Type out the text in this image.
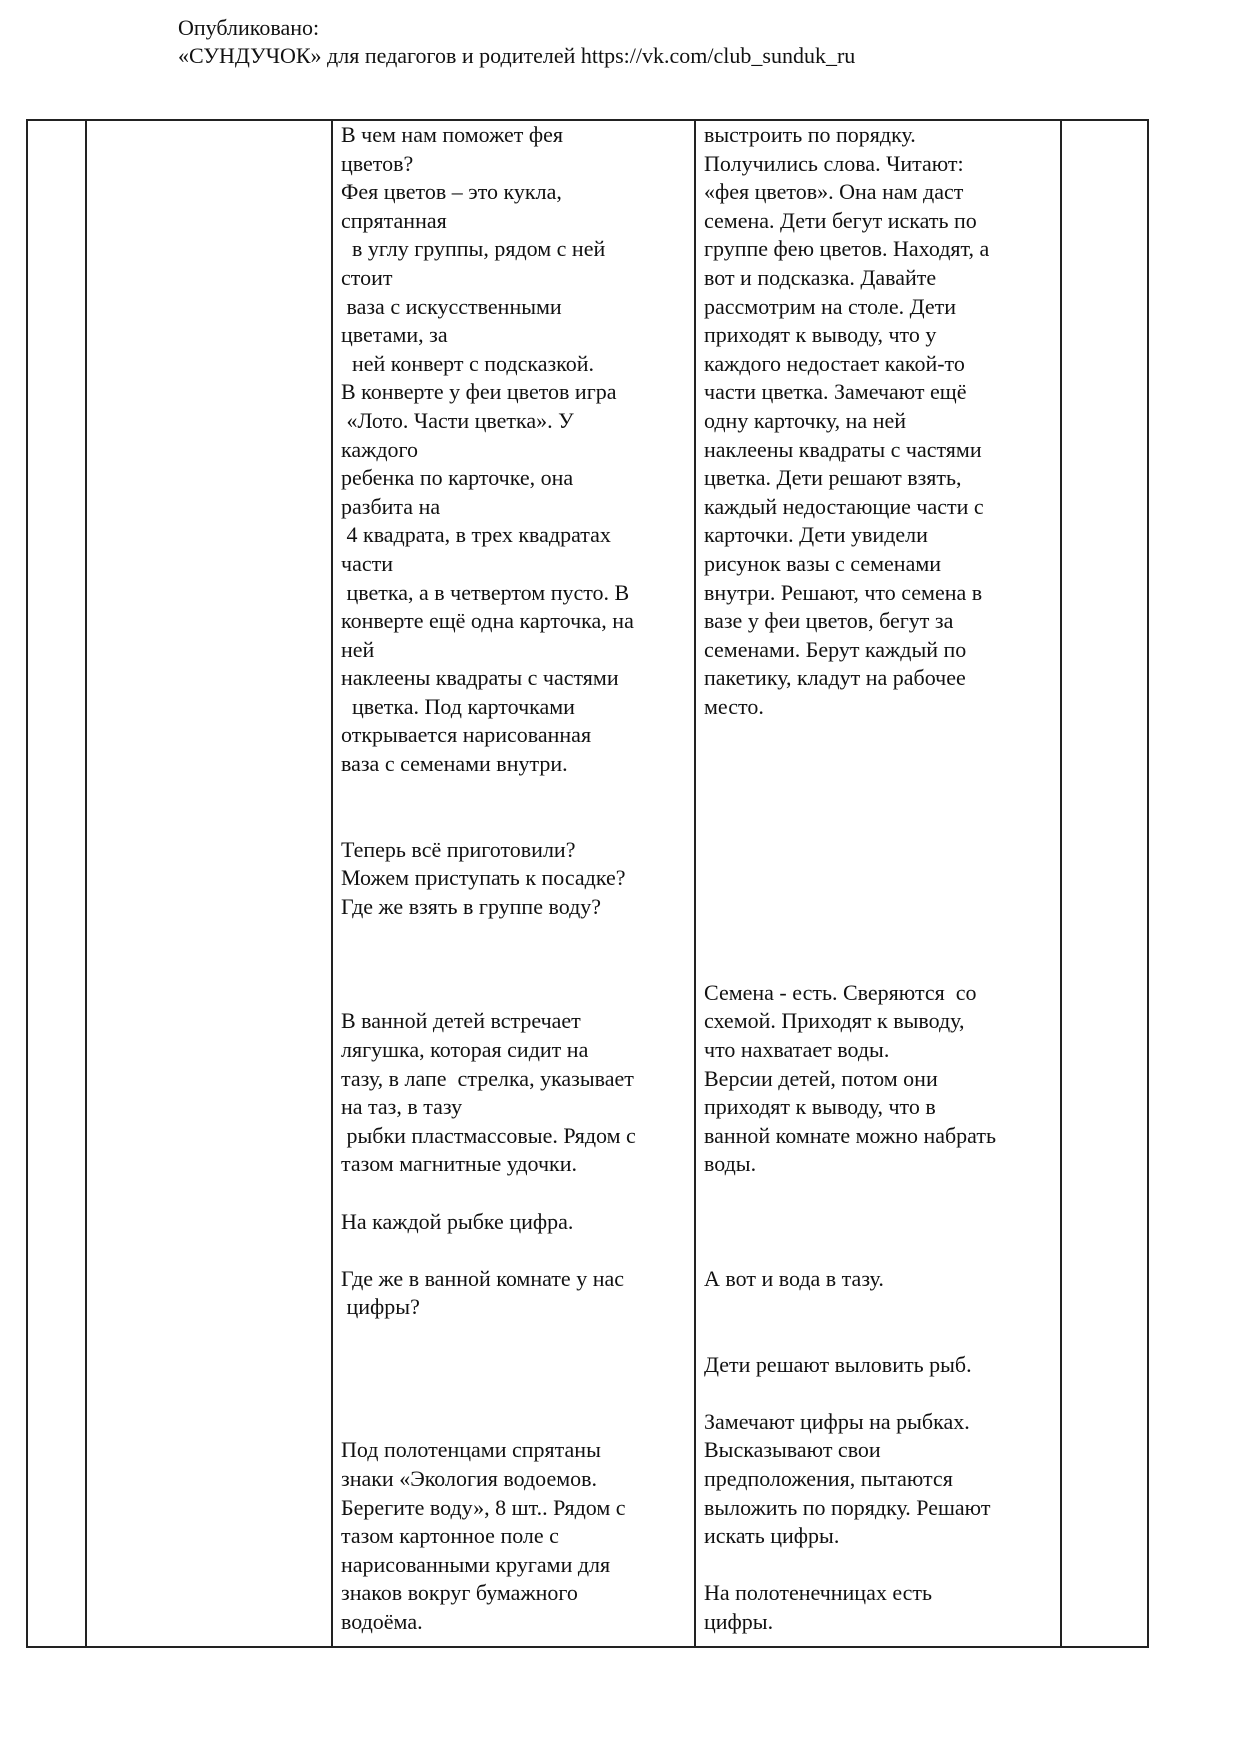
Опубликовано:
«СУНДУЧОК» для педагогов и родителей https://vk.com/club_sunduk_ru
В чем нам поможет фея
цветов?
Фея цветов – это кукла,
спрятанная
в углу группы, рядом с ней
стоит
ваза с искусственными
цветами, за
ней конверт с подсказкой.
В конверте у феи цветов игра
«Лото. Части цветка». У
каждого
ребенка по карточке, она
разбита на
4 квадрата, в трех квадратах
части
цветка, а в четвертом пусто. В
конверте ещё одна карточка, на
ней
наклеены квадраты с частями
цветка. Под карточками
открывается нарисованная
ваза с семенами внутри.
Теперь всё приготовили?
Можем приступать к посадке?
Где же взять в группе воду?
В ванной детей встречает
лягушка, которая сидит на
тазу, в лапе  стрелка, указывает
на таз, в тазу
рыбки пластмассовые. Рядом с
тазом магнитные удочки.
На каждой рыбке цифра.
Где же в ванной комнате у нас
цифры?
Под полотенцами спрятаны
знаки «Экология водоемов.
Берегите воду», 8 шт.. Рядом с
тазом картонное поле с
нарисованными кругами для
знаков вокруг бумажного
водоёма.
выстроить по порядку.
Получились слова. Читают:
«фея цветов». Она нам даст
семена. Дети бегут искать по
группе фею цветов. Находят, а
вот и подсказка. Давайте
рассмотрим на столе. Дети
приходят к выводу, что у
каждого недостает какой-то
части цветка. Замечают ещё
одну карточку, на ней
наклеены квадраты с частями
цветка. Дети решают взять,
каждый недостающие части с
карточки. Дети увидели
рисунок вазы с семенами
внутри. Решают, что семена в
вазе у феи цветов, бегут за
семенами. Берут каждый по
пакетику, кладут на рабочее
место.
Семена - есть. Сверяются  со
схемой. Приходят к выводу,
что нахватает воды.
Версии детей, потом они
приходят к выводу, что в
ванной комнате можно набрать
воды.
А вот и вода в тазу.
Дети решают выловить рыб.
Замечают цифры на рыбках.
Высказывают свои
предположения, пытаются
выложить по порядку. Решают
искать цифры.
На полотенечницах есть
цифры.
